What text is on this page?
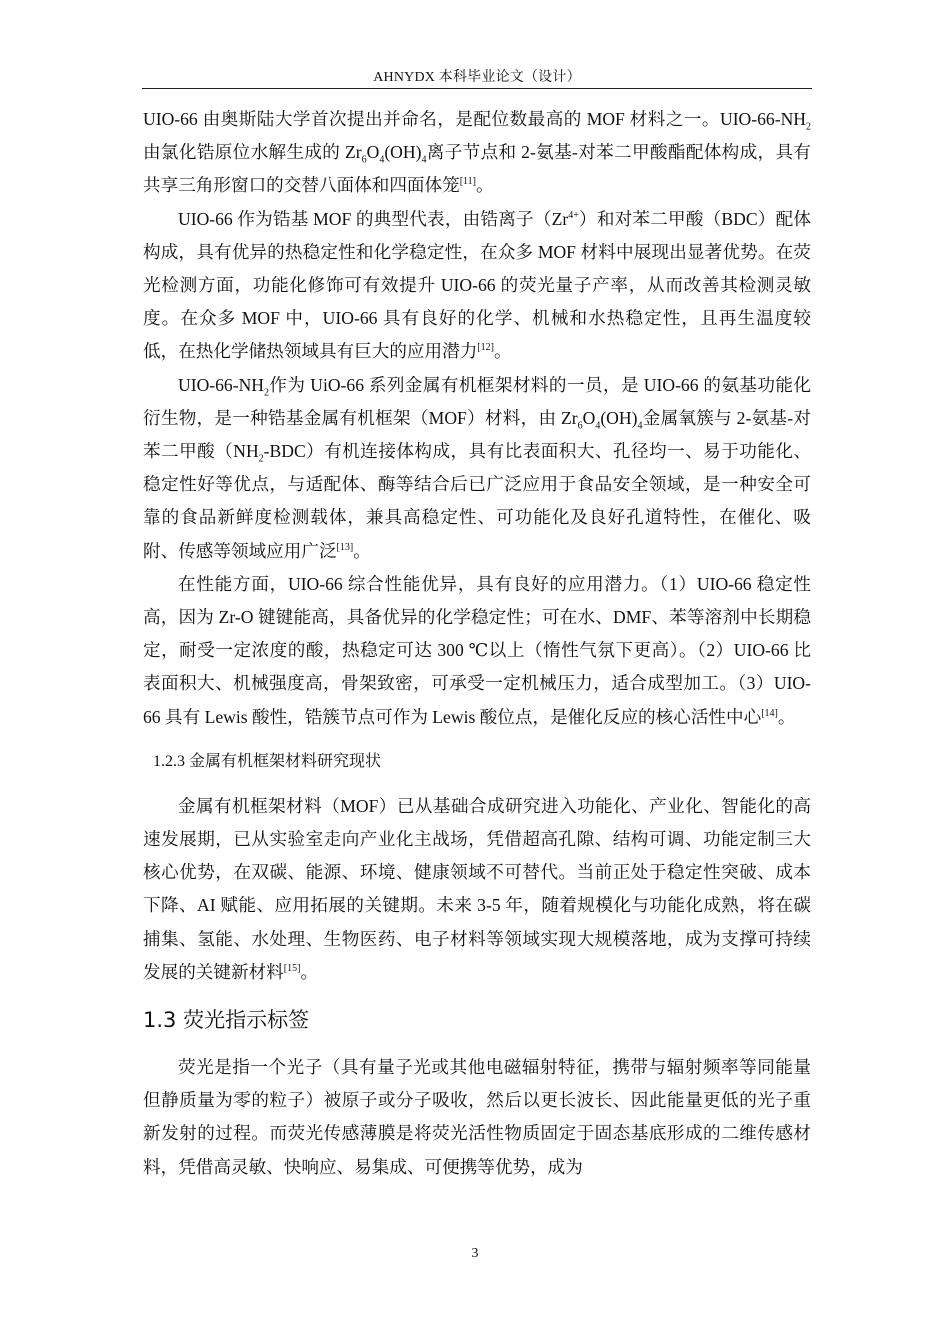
AHNYDX 本科毕业论文（设计）

UIO-66 由奥斯陆大学首次提出并命名，是配位数最高的 MOF 材料之一。UIO-$66-NH_2$由氯化锆原位水解生成的 $Zr_6O_4(OH)_4$离子节点和 2-氨基-对苯二甲酸酯配体构成，具有共享三角形窗口的交替八面体和四面体笼[11]。

UIO-66 作为锆基 MOF 的典型代表，由锆离子$(Zr^{4+})$和对苯二甲酸（BDC）配体构成，具有优异的热稳定性和化学稳定性，在众多 MOF 材料中展现出显著优势。在荧光检测方面，功能化修饰可有效提升 UIO-66 的荧光量子产率，从而改善其检测灵敏度。在众多 MOF 中，UIO-66 具有良好的化学、机械和水热稳定性，且再生温度较低，在热化学储热领域具有巨大的应用潜力[12]。

UIO-$66-NH_2$作为 UiO-66 系列金属有机框架材料的一员，是 UIO-66 的氨基功能化衍生物，是一种锆基金属有机框架（MOF）材料，由 $Zr_6O_4(OH)_4$金属氧簇与 2-氨基-对苯二甲酸$(NH_2-BDC)$有机连接体构成，具有比表面积大、孔径均一、易于功能化、稳定性好等优点，与适配体、酶等结合后已广泛应用于食品安全领域，是一种安全可靠的食品新鲜度检测载体，兼具高稳定性、可功能化及良好孔道特性，在催化、吸附、传感等领域应用广泛[13]。

在性能方面，UIO-66 综合性能优异，具有良好的应用潜力。（1）UIO-66 稳定性高，因为 Zr-O 键键能高，具备优异的化学稳定性；可在水、DMF、苯等溶剂中长期稳定，耐受一定浓度的酸，热稳定可达 300 ℃以上（惰性气氛下更高）。（2）UIO-66 比表面积大、机械强度高，骨架致密，可承受一定机械压力，适合成型加工。（3）UIO-66 具有 Lewis 酸性，锆簇节点可作为 Lewis 酸位点，是催化反应的核心活性中心[14]。

1.2.3 金属有机框架材料研究现状

金属有机框架材料（MOF）已从基础合成研究进入功能化、产业化、智能化的高速发展期，已从实验室走向产业化主战场，凭借超高孔隙、结构可调、功能定制三大核心优势，在双碳、能源、环境、健康领域不可替代。当前正处于稳定性突破、成本下降、AI 赋能、应用拓展的关键期。未来 3-5 年，随着规模化与功能化成熟，将在碳捕集、氢能、水处理、生物医药、电子材料等领域实现大规模落地，成为支撑可持续发展的关键新材料[15]。

1.3 荧光指示标签

荧光是指一个光子（具有量子光或其他电磁辐射特征，携带与辐射频率等同能量但静质量为零的粒子）被原子或分子吸收，然后以更长波长、因此能量更低的光子重新发射的过程。而荧光传感薄膜是将荧光活性物质固定于固态基底形成的二维传感材料，凭借高灵敏、快响应、易集成、可便携等优势，成为

3
